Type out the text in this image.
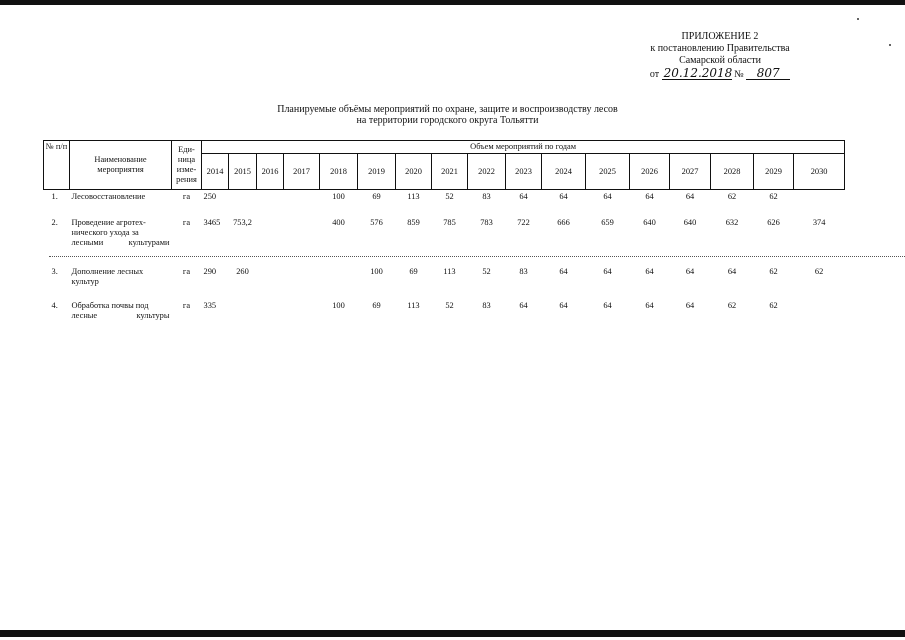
ПРИЛОЖЕНИЕ 2
к постановлению Правительства
Самарской области
от 20.12.2018 № 807
Планируемые объёмы мероприятий по охране, защите и воспроизводству лесов
на территории городского округа Тольятти
№ п/п	Наименование мероприятия	Еди- ница изме- рения	Объем мероприятий по годам																
			2014	2015	2016	2017	2018	2019	2020	2021	2022	2023	2024	2025	2026	2027	2028	2029	2030
1.	Лесовосстановление	га	250				100	69	113	52	83	64	64	64	64	64	62	62	
2.	Проведение агротех- нического ухода за лесными культурами	га	3465	753,2			400	576	859	785	783	722	666	659	640	640	632	626	374
3.	Дополнение лесных культур	га	290	260				100	69	113	52	83	64	64	64	64	64	62	62
4.	Обработка почвы под лесные культуры	га	335				100	69	113	52	83	64	64	64	64	64	62	62	
